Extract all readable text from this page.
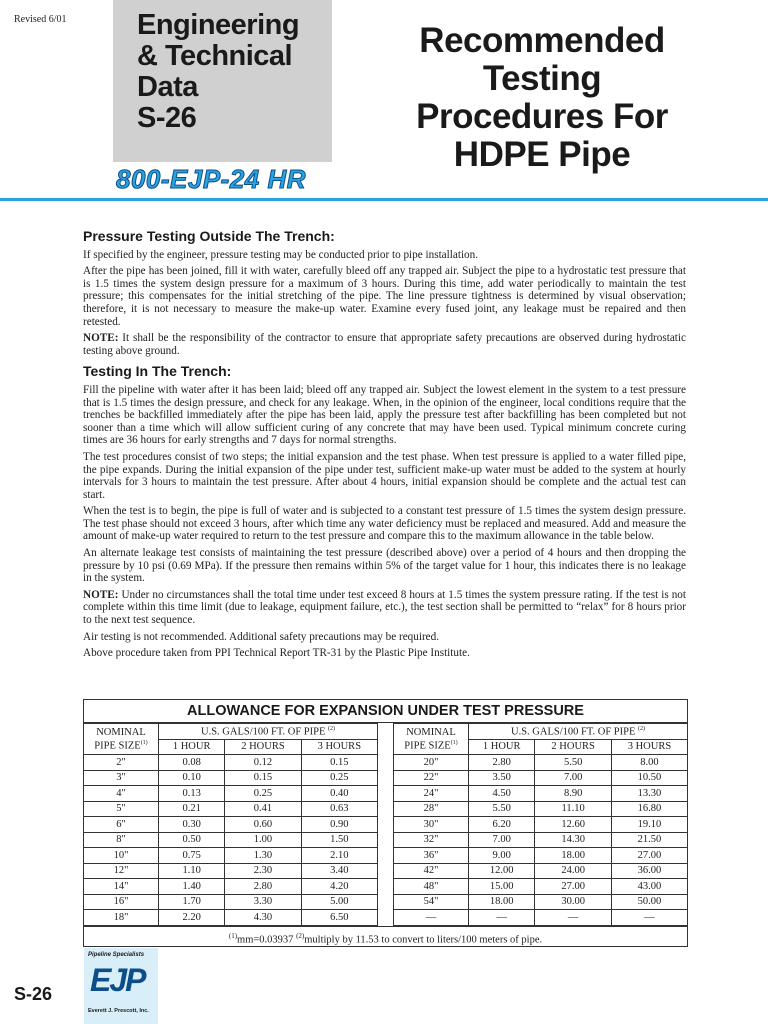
Revised 6/01 Engineering
& Technical
Data
S-26
800-EJP-24 HR
Recommended
Testing
Procedures For
HDPE Pipe
Pressure Testing Outside The Trench:

If specified by the engineer, pressure testing may be conducted prior to pipe installation.

After the pipe has been joined, fill it with water, carefully bleed off any trapped air. Subject the pipe to a hydrostatic test pressure that is 1.5 times the system design pressure for a maximum of 3 hours. During this time, add water periodically to maintain the test pressure; this compensates for the initial stretching of the pipe. The line pressure tightness is determined by visual observation; therefore, it is not necessary to measure the make-up water. Examine every fused joint, any leakage must be repaired and then retested.

NOTE: It shall be the responsibility of the contractor to ensure that appropriate safety precautions are observed during hydrostatic testing above ground.

Testing In The Trench:

Fill the pipeline with water after it has been laid; bleed off any trapped air. Subject the lowest element in the system to a test pressure that is 1.5 times the design pressure, and check for any leakage. When, in the opinion of the engineer, local conditions require that the trenches be backfilled immediately after the pipe has been laid, apply the pressure test after backfilling has been completed but not sooner than a time which will allow sufficient curing of any concrete that may have been used. Typical minimum concrete curing times are 36 hours for early strengths and 7 days for normal strengths.

The test procedures consist of two steps; the initial expansion and the test phase. When test pressure is applied to a water filled pipe, the pipe expands. During the initial expansion of the pipe under test, sufficient make-up water must be added to the system at hourly intervals for 3 hours to maintain the test pressure. After about 4 hours, initial expansion should be complete and the actual test can start.

When the test is to begin, the pipe is full of water and is subjected to a constant test pressure of 1.5 times the system design pressure. The test phase should not exceed 3 hours, after which time any water deficiency must be replaced and measured. Add and measure the amount of make-up water required to return to the test pressure and compare this to the maximum allowance in the table below.

An alternate leakage test consists of maintaining the test pressure (described above) over a period of 4 hours and then dropping the pressure by 10 psi (0.69 MPa). If the pressure then remains within 5% of the target value for 1 hour, this indicates there is no leakage in the system.

NOTE: Under no circumstances shall the total time under test exceed 8 hours at 1.5 times the system pressure rating. If the test is not complete within this time limit (due to leakage, equipment failure, etc.), the test section shall be permitted to “relax” for 8 hours prior to the next test sequence.

Air testing is not recommended. Additional safety precautions may be required.

Above procedure taken from PPI Technical Report TR-31 by the Plastic Pipe Institute.

ALLOWANCE FOR EXPANSION UNDER TEST PRESSURE
NOMINAL
PIPE SIZE$^{(1)}$	U.S. GALS/100 FT. OF PIPE $^{(2)}$
	1 HOUR	2 HOURS	3 HOURS
2"	0.08	0.12	0.15
3"	0.10	0.15	0.25
4"	0.13	0.25	0.40
5"	0.21	0.41	0.63
6"	0.30	0.60	0.90
8"	0.50	1.00	1.50
10"	0.75	1.30	2.10
12"	1.10	2.30	3.40
14"	1.40	2.80	4.20
16"	1.70	3.30	5.00
18"	2.20	4.30	6.50
NOMINAL
PIPE SIZE$^{(1)}$	U.S. GALS/100 FT. OF PIPE $^{(2)}$
	1 HOUR	2 HOURS	3 HOURS
20"	2.80	5.50	8.00
22"	3.50	7.00	10.50
24"	4.50	8.90	13.30
28"	5.50	11.10	16.80
30"	6.20	12.60	19.10
32"	7.00	14.30	21.50
36"	9.00	18.00	27.00
42"	12.00	24.00	36.00
48"	15.00	27.00	43.00
54"	18.00	30.00	50.00
—	—	—	—
$^{(1)}$mm=0.03937 $^{(2)}$multiply by 11.53 to convert to liters/100 meters of pipe.
S-26
Pipeline Specialists
EJP
Everett J. Prescott, Inc.
